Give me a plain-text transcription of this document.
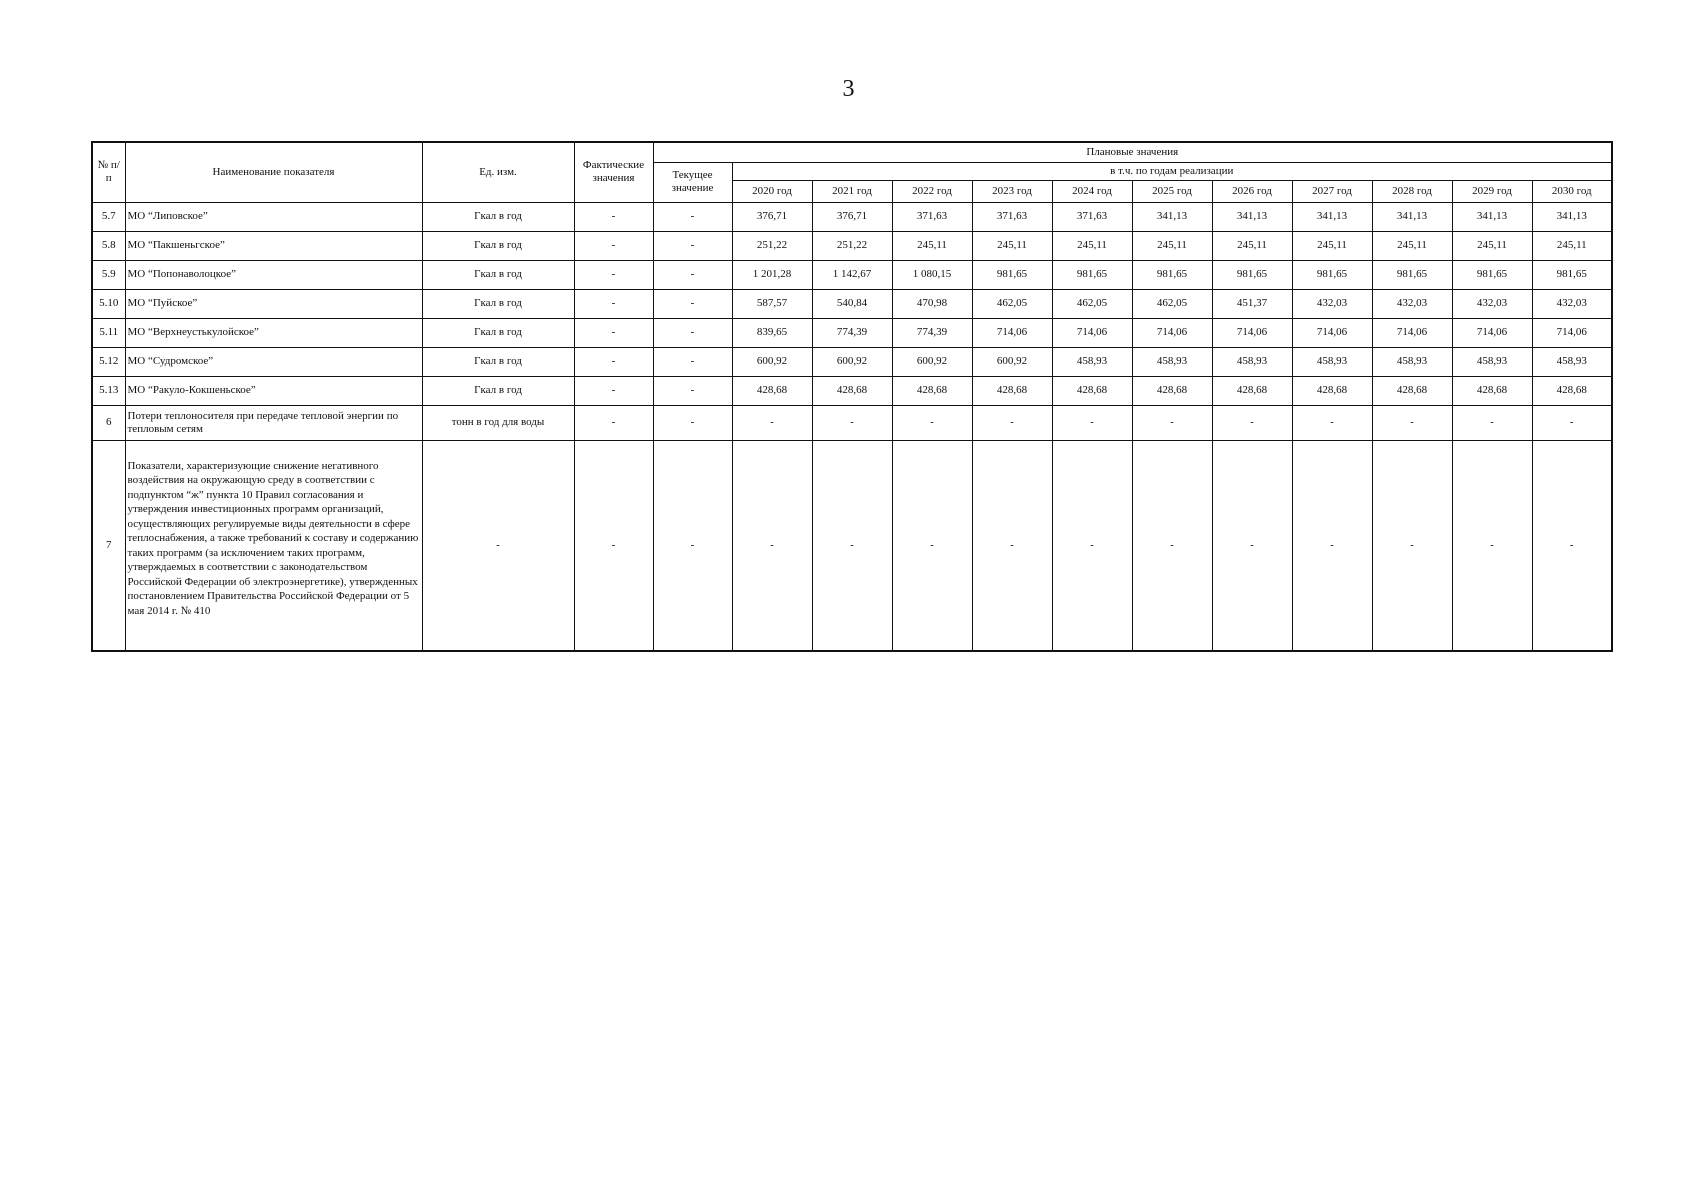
3
№ п/п	Наименование показателя	Ед. изм.	Фактические значения	Плановые значения											
				Текущее значение	в т.ч. по годам реализации										
					2020 год	2021 год	2022 год	2023 год	2024 год	2025 год	2026 год	2027 год	2028 год	2029 год	2030 год
5.7	МО “Липовское”	Гкал в год	-	-	376,71	376,71	371,63	371,63	371,63	341,13	341,13	341,13	341,13	341,13	341,13
5.8	МО “Пакшеньгское”	Гкал в год	-	-	251,22	251,22	245,11	245,11	245,11	245,11	245,11	245,11	245,11	245,11	245,11
5.9	МО “Попонаволоцкое”	Гкал в год	-	-	1 201,28	1 142,67	1 080,15	981,65	981,65	981,65	981,65	981,65	981,65	981,65	981,65
5.10	МО “Пуйское”	Гкал в год	-	-	587,57	540,84	470,98	462,05	462,05	462,05	451,37	432,03	432,03	432,03	432,03
5.11	МО “Верхнеустькулойское”	Гкал в год	-	-	839,65	774,39	774,39	714,06	714,06	714,06	714,06	714,06	714,06	714,06	714,06
5.12	МО “Судромское”	Гкал в год	-	-	600,92	600,92	600,92	600,92	458,93	458,93	458,93	458,93	458,93	458,93	458,93
5.13	МО “Ракуло-Кокшеньское”	Гкал в год	-	-	428,68	428,68	428,68	428,68	428,68	428,68	428,68	428,68	428,68	428,68	428,68
6	Потери теплоносителя при передаче тепловой энергии по тепловым сетям	тонн в год для воды	-	-	-	-	-	-	-	-	-	-	-	-	-
7	Показатели, характеризующие снижение негативного воздействия на окружающую среду в соответствии с подпунктом “ж” пункта 10 Правил согласования и утверждения инвестиционных программ организаций, осуществляющих регулируемые виды деятельности в сфере теплоснабжения, а также требований к составу и содержанию таких программ (за исключением таких программ, утверждаемых в соответствии с законодательством Российской Федерации об электроэнергетике), утвержденных постановлением Правительства Российской Федерации от 5 мая 2014 г. № 410	-	-	-	-	-	-	-	-	-	-	-	-	-	-
